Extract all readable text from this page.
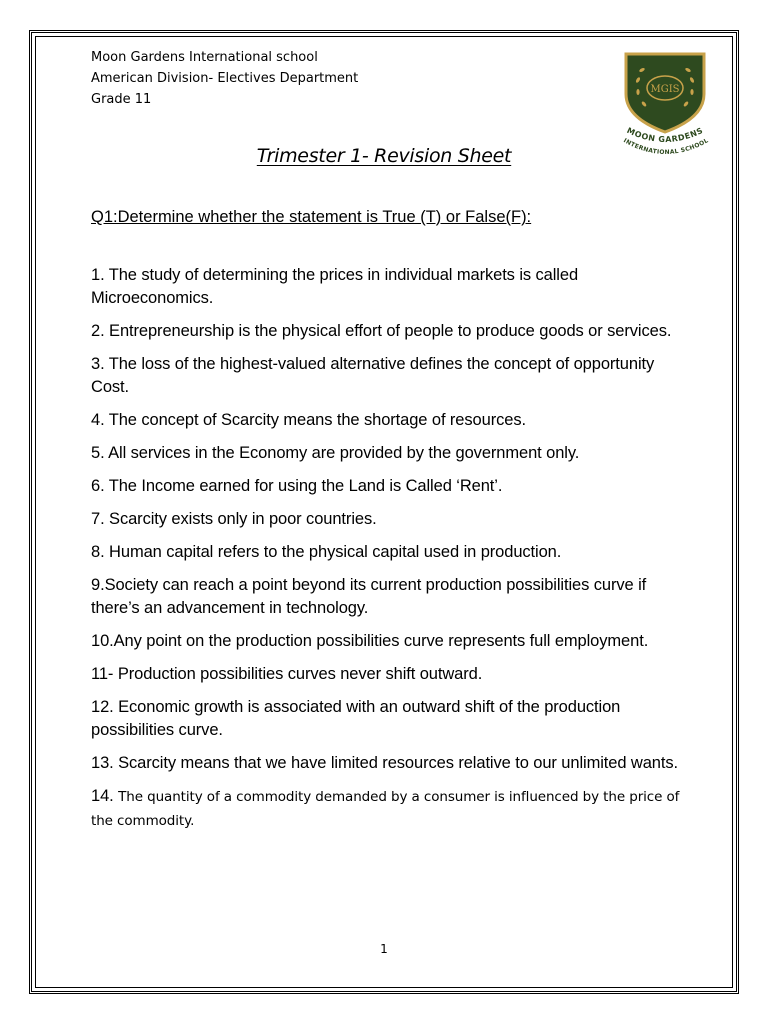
Moon Gardens International school
American Division- Electives Department
Grade 11
MGIS
MOON GARDENS
INTERNATIONAL SCHOOL
Trimester 1- Revision Sheet
Q1:Determine whether the statement is True (T) or False(F):
1. The study of determining the prices in individual markets is called Microeconomics.
2. Entrepreneurship is the physical effort of people to produce goods or services.
3. The loss of the highest-valued alternative defines the concept of opportunity Cost.
4. The concept of Scarcity means the shortage of resources.
5. All services in the Economy are provided by the government only.
6. The Income earned for using the Land is Called ‘Rent’.
7. Scarcity exists only in poor countries.
8. Human capital refers to the physical capital used in production.
9.Society can reach a point beyond its current production possibilities curve if there’s an advancement in technology.
10.Any point on the production possibilities curve represents full employment.
11- Production possibilities curves never shift outward.
12. Economic growth is associated with an outward shift of the production possibilities curve.
13. Scarcity means that we have limited resources relative to our unlimited wants.
14. The quantity of a commodity demanded by a consumer is influenced by the price of the commodity.
1
